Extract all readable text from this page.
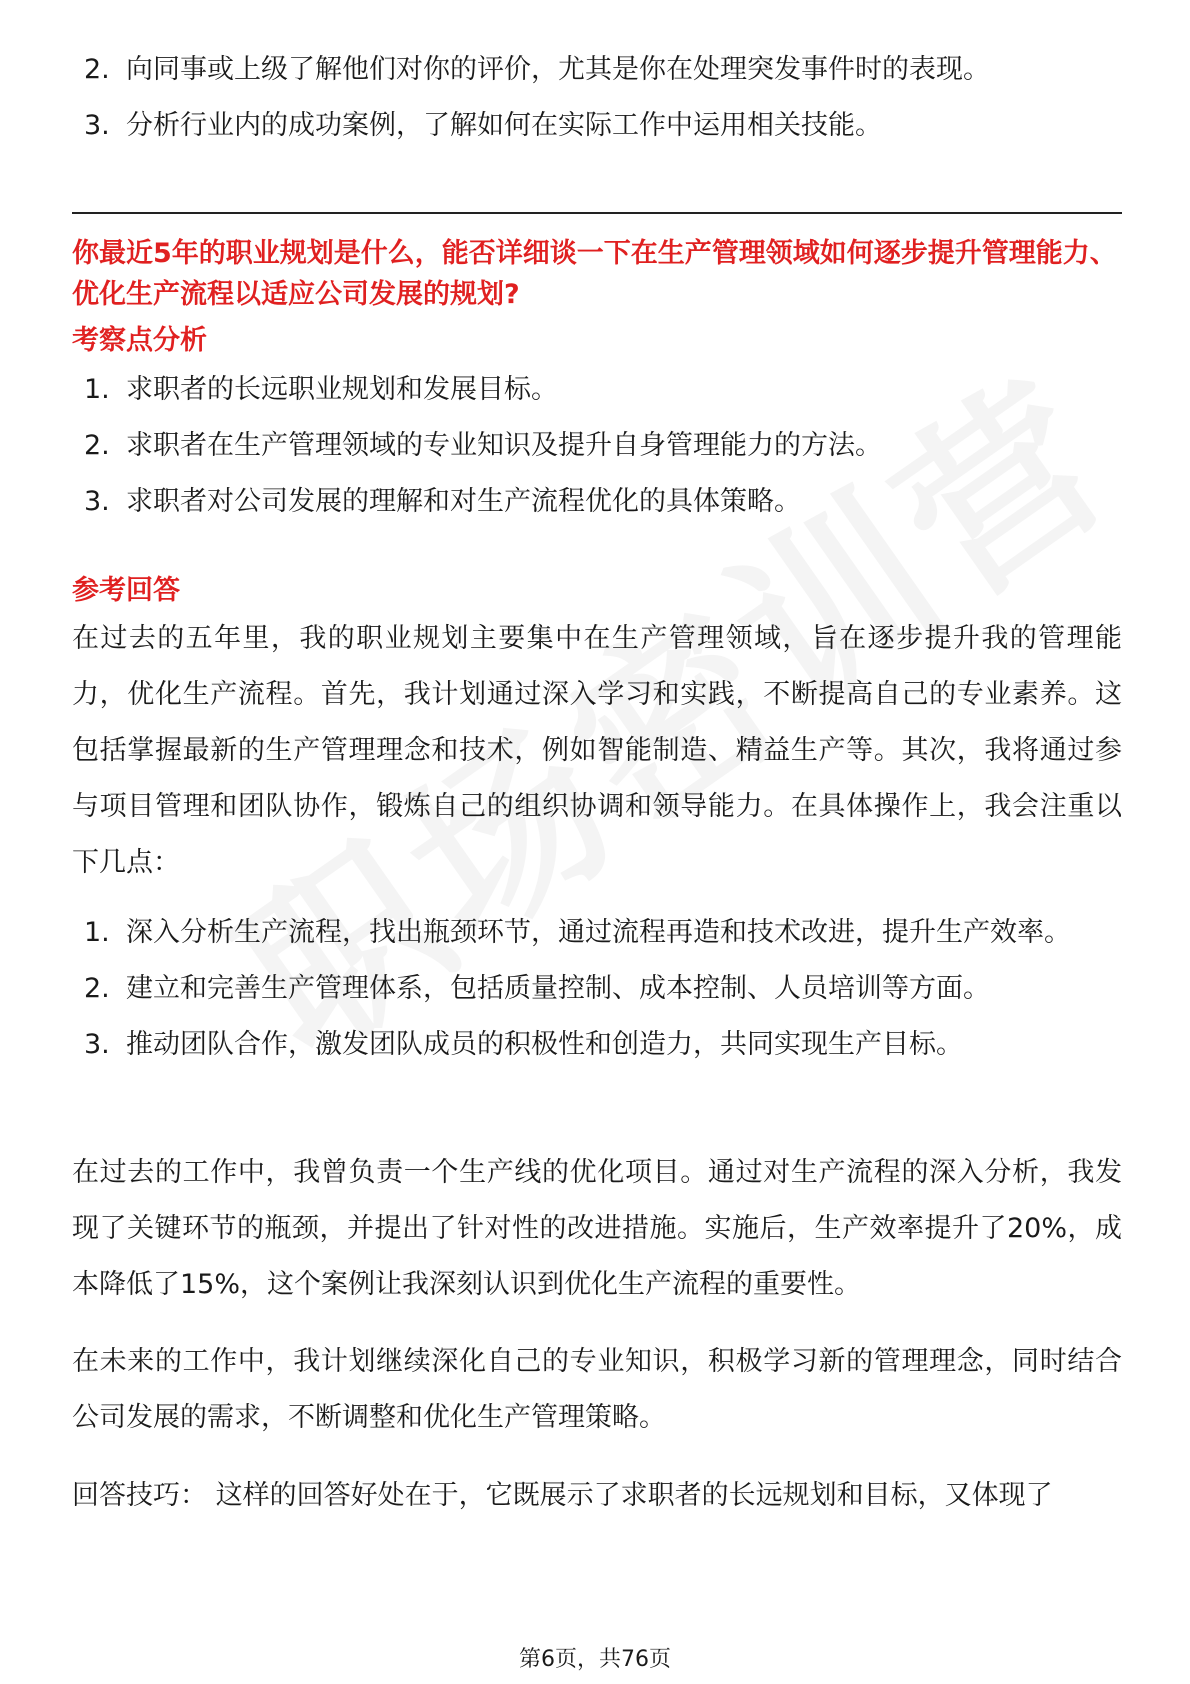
2. 向同事或上级了解他们对你的评价，尤其是你在处理突发事件时的表现。
3. 分析行业内的成功案例，了解如何在实际工作中运用相关技能。
你最近5年的职业规划是什么，能否详细谈一下在生产管理领域如何逐步提升管理能力、优化生产流程以适应公司发展的规划?
考察点分析
1. 求职者的长远职业规划和发展目标。
2. 求职者在生产管理领域的专业知识及提升自身管理能力的方法。
3. 求职者对公司发展的理解和对生产流程优化的具体策略。
参考回答
在过去的五年里，我的职业规划主要集中在生产管理领域，旨在逐步提升我的管理能力，优化生产流程。首先，我计划通过深入学习和实践，不断提高自己的专业素养。这包括掌握最新的生产管理理念和技术，例如智能制造、精益生产等。其次，我将通过参与项目管理和团队协作，锻炼自己的组织协调和领导能力。在具体操作上，我会注重以下几点：
1. 深入分析生产流程，找出瓶颈环节，通过流程再造和技术改进，提升生产效率。
2. 建立和完善生产管理体系，包括质量控制、成本控制、人员培训等方面。
3. 推动团队合作，激发团队成员的积极性和创造力，共同实现生产目标。
在过去的工作中，我曾负责一个生产线的优化项目。通过对生产流程的深入分析，我发现了关键环节的瓶颈，并提出了针对性的改进措施。实施后，生产效率提升了20%，成本降低了15%，这个案例让我深刻认识到优化生产流程的重要性。
在未来的工作中，我计划继续深化自己的专业知识，积极学习新的管理理念，同时结合公司发展的需求，不断调整和优化生产管理策略。
回答技巧： 这样的回答好处在于，它既展示了求职者的长远规划和目标，又体现了
第6页，共76页
